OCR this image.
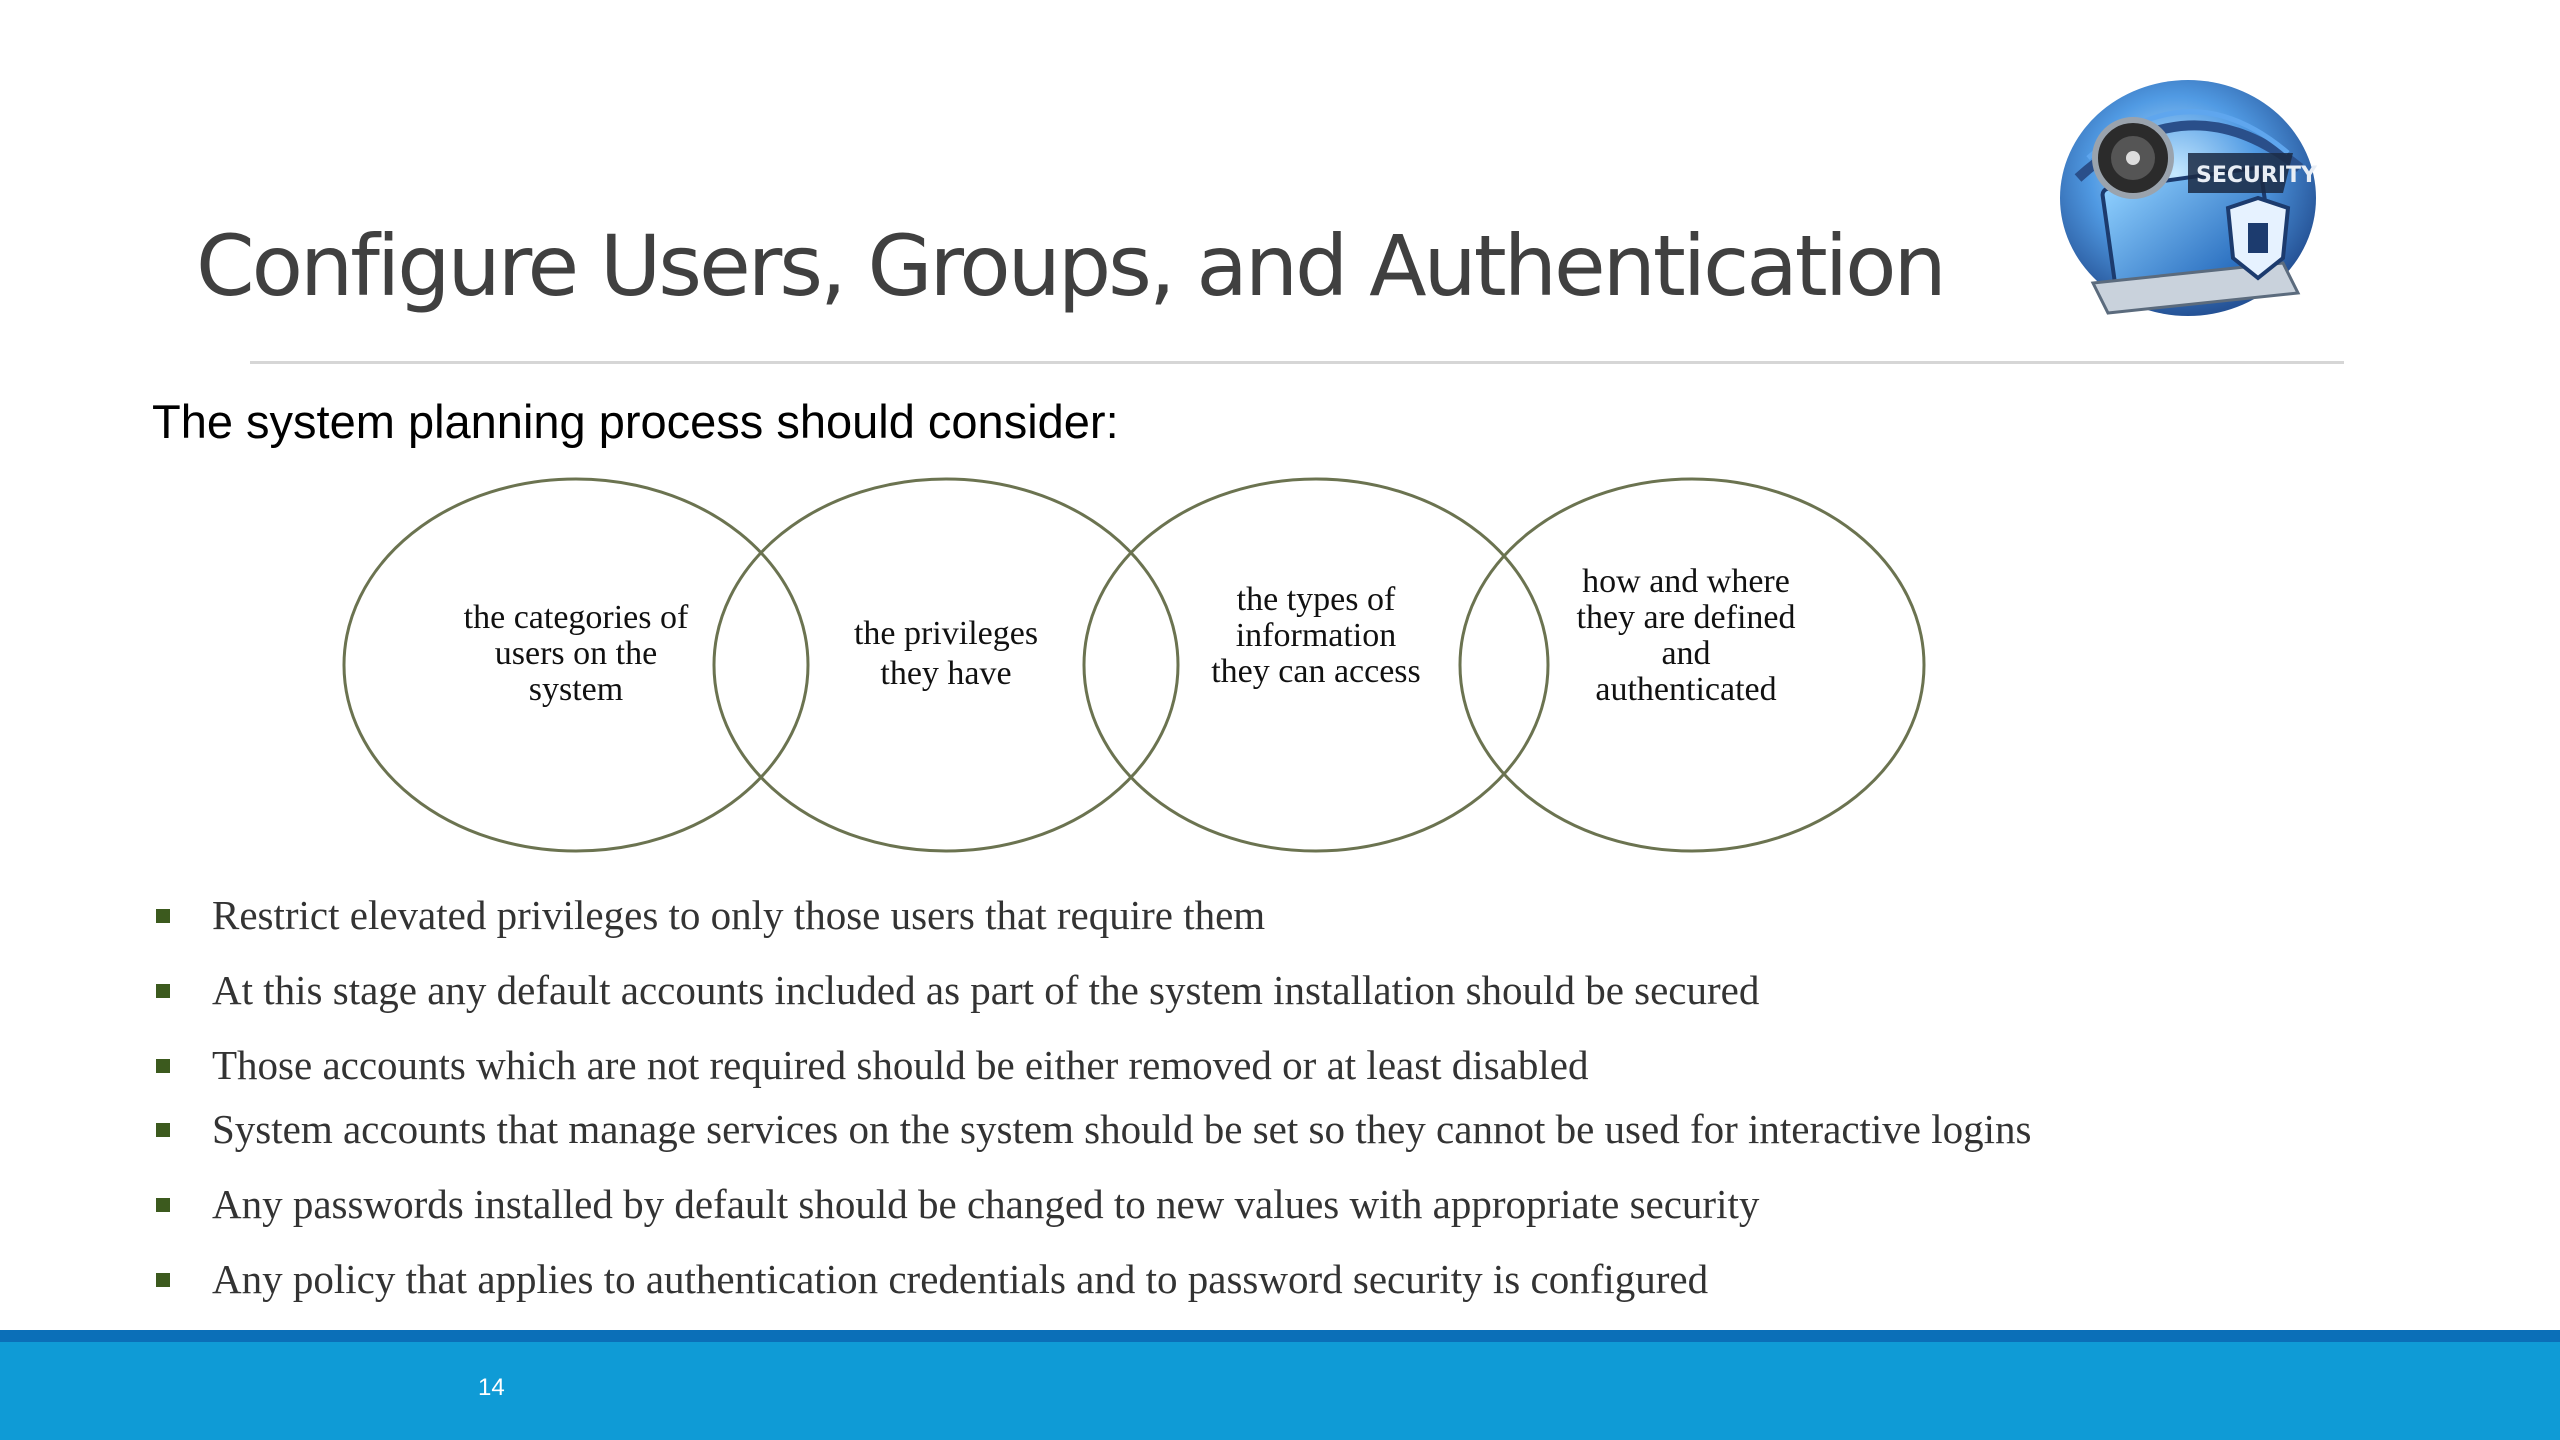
Configure Users, Groups, and Authentication
SECURITY

The system planning process should consider:

the categories of
users on the
system
the privileges
they have
the types of
information
they can access
how and where
they are defined
and
authenticated
Restrict elevated privileges to only those users that require them
At this stage any default accounts included as part of the system installation should be secured
Those accounts which are not required should be either removed or at least disabled
System accounts that manage services on the system should be set so they cannot be used for interactive logins
Any passwords installed by default should be changed to new values with appropriate security
Any policy that applies to authentication credentials and to password security is configured
14
